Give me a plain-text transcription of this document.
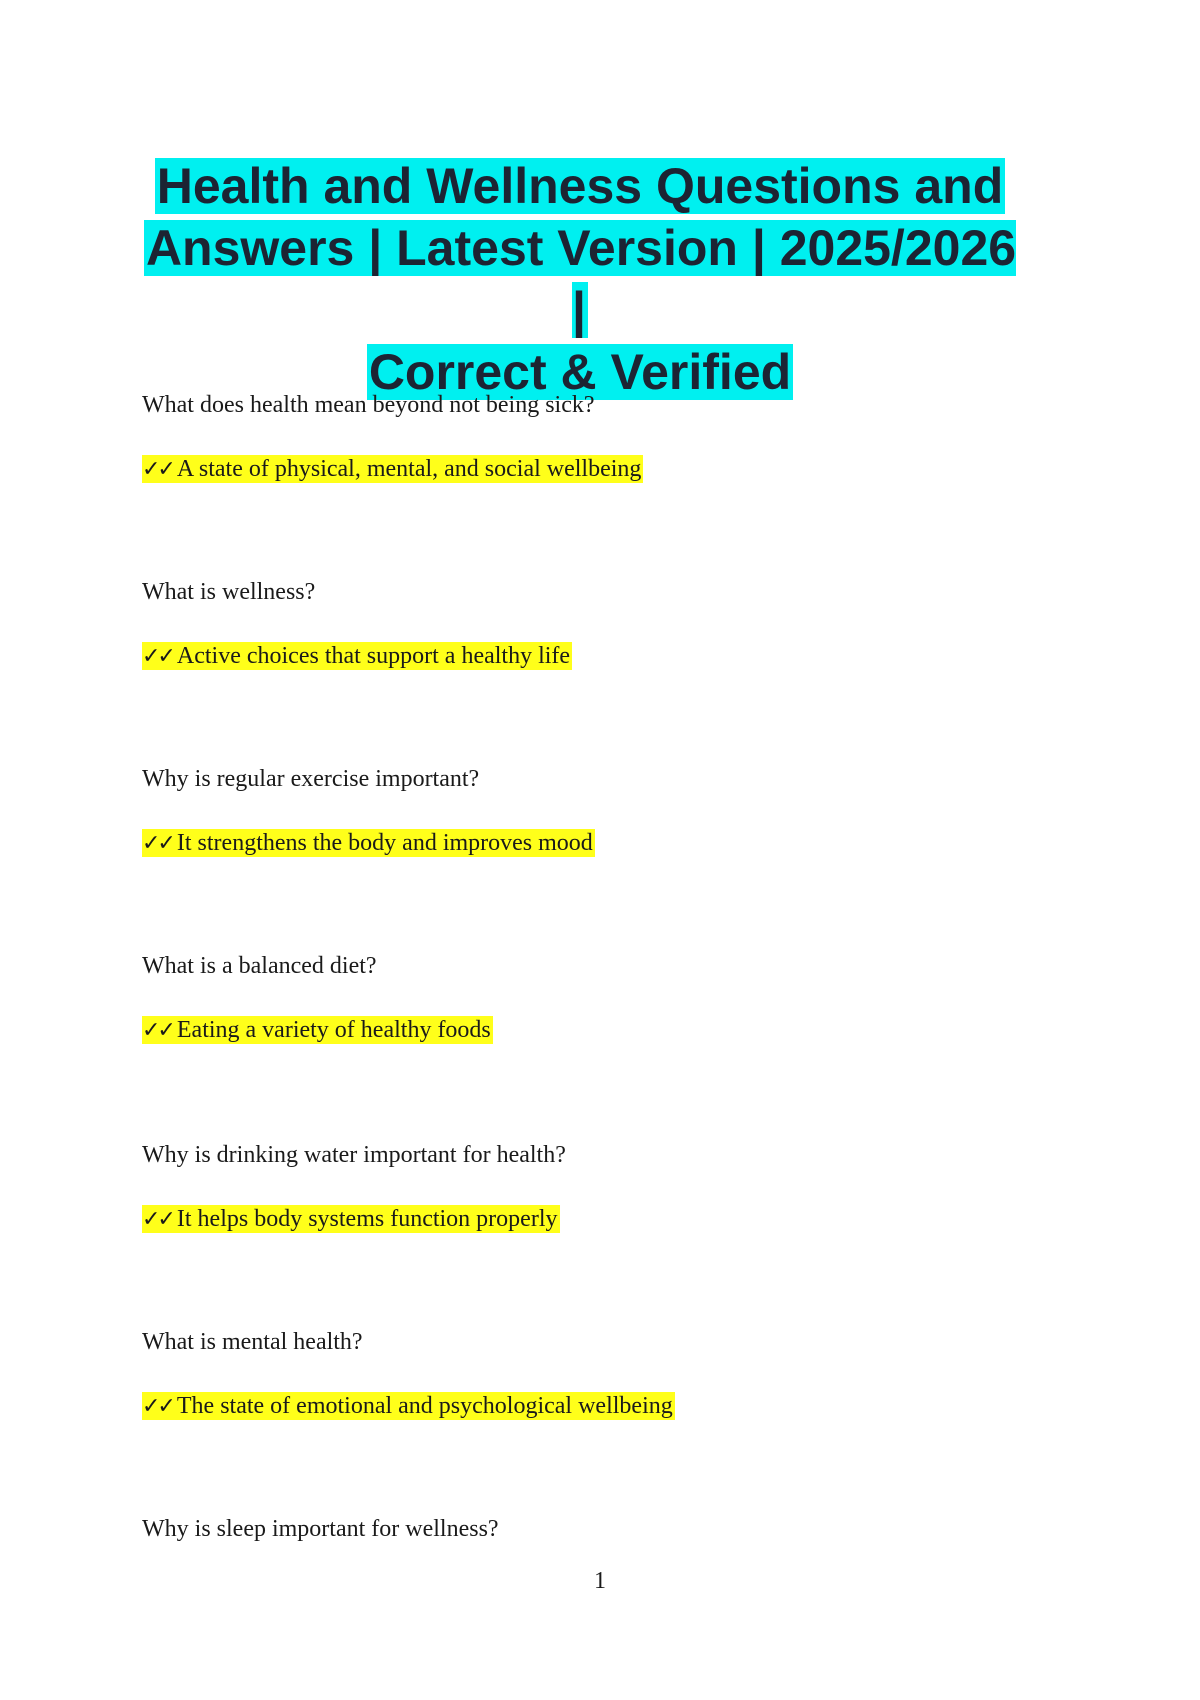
Health and Wellness Questions and
Answers | Latest Version | 2025/2026 |
Correct & Verified
What does health mean beyond not being sick?
✓✓ A state of physical, mental, and social wellbeing
What is wellness?
✓✓ Active choices that support a healthy life
Why is regular exercise important?
✓✓ It strengthens the body and improves mood
What is a balanced diet?
✓✓ Eating a variety of healthy foods
Why is drinking water important for health?
✓✓ It helps body systems function properly
What is mental health?
✓✓ The state of emotional and psychological wellbeing
Why is sleep important for wellness?
1
